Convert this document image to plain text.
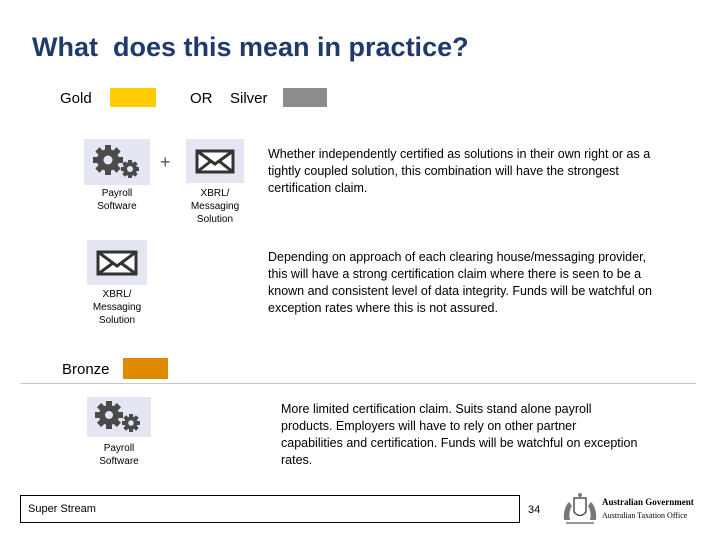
What  does this mean in practice?
Gold	OR Silver
Payroll
Software
+
XBRL/
Messaging
Solution
Whether independently certified as solutions in their own right or as a tightly coupled solution, this combination will have the strongest certification claim.
XBRL/
Messaging
Solution
Depending on approach of each clearing house/messaging provider, this will have a strong certification claim where there is seen to be a known and consistent level of data integrity. Funds will be watchful on exception rates where this is not assured.
Bronze
Payroll
Software
More limited certification claim. Suits stand alone payroll products. Employers will have to rely on other partner capabilities and certification. Funds will be watchful on exception rates.
Super Stream	34
Australian Government
Australian Taxation Office
